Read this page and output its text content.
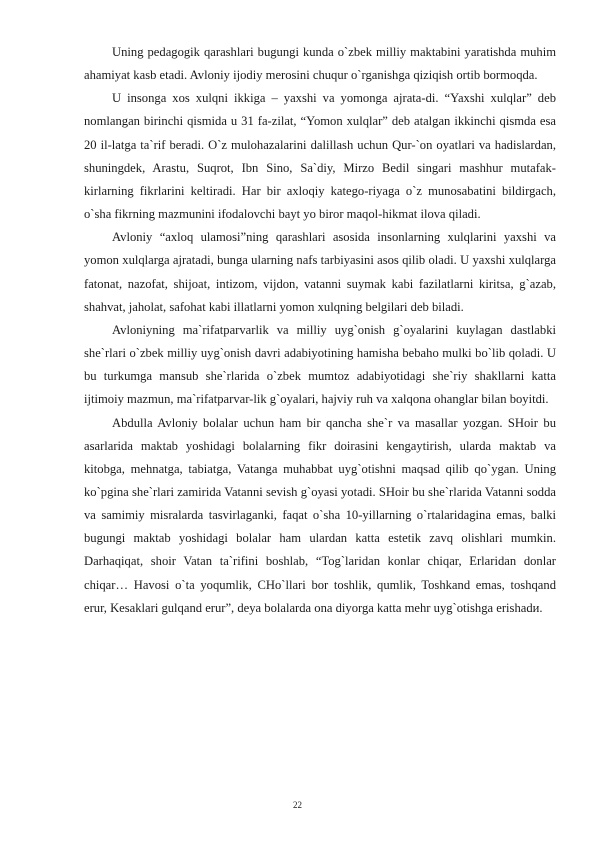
Uning pedagogik qarashlari bugungi kunda o`zbek milliy maktabini yaratishda muhim ahamiyat kasb etadi. Avloniy ijodiy merosini chuqur o`rganishga qiziqish ortib bormoqda.

U insonga xos xulqni ikkiga – yaxshi va yomonga ajrata-di. “Yaxshi xulqlar” deb nomlangan birinchi qismida u 31 fa-zilat, “Yomon xulqlar” deb atalgan ikkinchi qismda esa 20 il-latga ta`rif beradi. O`z mulohazalarini dalillash uchun Qur-`on oyatlari va hadislardan, shuningdek, Arastu, Suqrot, Ibn Sino, Sa`diy, Mirzo Bedil singari mashhur mutafak-kirlarning fikrlarini keltiradi. Har bir axloqiy katego-riyaga o`z munosabatini bildirgach, o`sha fikrning mazmunini ifodalovchi bayt yo biror maqol-hikmat ilova qiladi.

Avloniy “axloq ulamosi”ning qarashlari asosida insonlarning xulqlarini yaxshi va yomon xulqlarga ajratadi, bunga ularning nafs tarbiyasini asos qilib oladi. U yaxshi xulqlarga fatonat, nazofat, shijoat, intizom, vijdon, vatanni suymak kabi fazilatlarni kiritsa, g`azab, shahvat, jaholat, safohat kabi illatlarni yomon xulqning belgilari deb biladi.

Avloniyning ma`rifatparvarlik va milliy uyg`onish g`oyalarini kuylagan dastlabki she`rlari o`zbek milliy uyg`onish davri adabiyotining hamisha bebaho mulki bo`lib qoladi. U bu turkumga mansub she`rlarida o`zbek mumtoz adabiyotidagi she`riy shakllarni katta ijtimoiy mazmun, ma`rifatparvar-lik g`oyalari, hajviy ruh va xalqona ohanglar bilan boyitdi.

Abdulla Avloniy bolalar uchun ham bir qancha she`r va masallar yozgan. SHoir bu asarlarida maktab yoshidagi bolalarning fikr doirasini kengaytirish, ularda maktab va kitobga, mehnatga, tabiatga, Vatanga muhabbat uyg`otishni maqsad qilib qo`ygan. Uning ko`pgina she`rlari zamirida Vatanni sevish g`oyasi yotadi. SHoir bu she`rlarida Vatanni sodda va samimiy misralarda tasvirlaganki, faqat o`sha 10-yillarning o`rtalaridagina emas, balki bugungi maktab yoshidagi bolalar ham ulardan katta estetik zavq olishlari mumkin. Darhaqiqat, shoir Vatan ta`rifini boshlab, “Tog`laridan konlar chiqar, Erlaridan donlar chiqar… Havosi o`ta yoqumlik, CHo`llari bor toshlik, qumlik, Toshkand emas, toshqand erur, Kesaklari gulqand erur”, deya bolalarda ona diyorga katta mehr uyg`otishga erishadи.

22
